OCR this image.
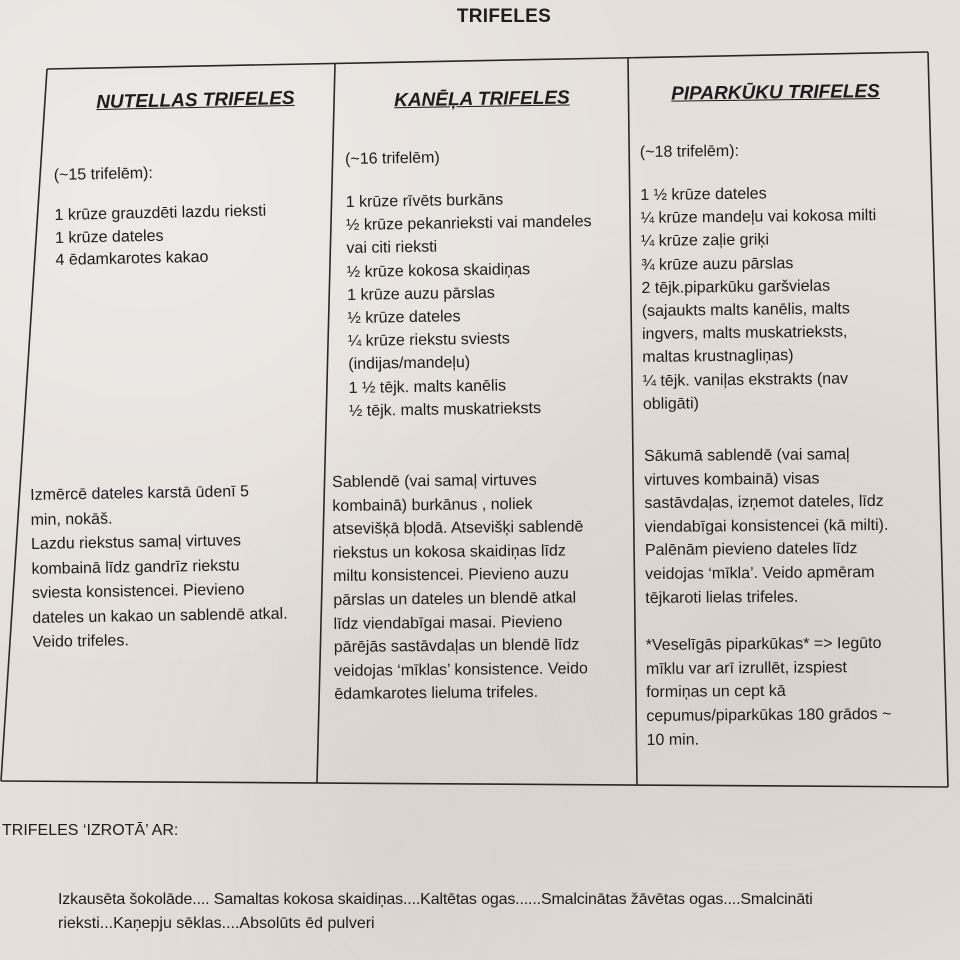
TRIFELES
NUTELLAS TRIFELES
(~15 trifelēm):
1 krūze grauzdēti lazdu rieksti
1 krūze dateles
4 ēdamkarotes kakao
Izmērcē dateles karstā ūdenī 5
min, nokāš.
Lazdu riekstus samaļ virtuves
kombainā līdz gandrīz riekstu
sviesta konsistencei. Pievieno
dateles un kakao un sablendē atkal.
Veido trifeles.
KANĒĻA TRIFELES
(~16 trifelēm)
1 krūze rīvēts burkāns
½ krūze pekanrieksti vai mandeles
vai citi rieksti
½ krūze kokosa skaidiņas
1 krūze auzu pārslas
½ krūze dateles
¼ krūze riekstu sviests
(indijas/mandeļu)
1 ½ tējk. malts kanēlis
½ tējk. malts muskatrieksts
Sablendē (vai samaļ virtuves
kombainā) burkānus , noliek
atsevišķā bļodā. Atsevišķi sablendē
riekstus un kokosa skaidiņas līdz
miltu konsistencei. Pievieno auzu
pārslas un dateles un blendē atkal
līdz viendabīgai masai. Pievieno
pārējās sastāvdaļas un blendē līdz
veidojas ‘mīklas’ konsistence. Veido
ēdamkarotes lieluma trifeles.
PIPARKŪKU TRIFELES
(~18 trifelēm):
1 ½ krūze dateles
¼ krūze mandeļu vai kokosa milti
¼ krūze zaļie griķi
¾ krūze auzu pārslas
2 tējk.piparkūku garšvielas
(sajaukts malts kanēlis, malts
ingvers, malts muskatrieksts,
maltas krustnagliņas)
¼ tējk. vaniļas ekstrakts (nav
obligāti)
Sākumā sablendē (vai samaļ
virtuves kombainā) visas
sastāvdaļas, izņemot dateles, līdz
viendabīgai konsistencei (kā milti).
Palēnām pievieno dateles līdz
veidojas ‘mīkla’. Veido apmēram
tējkaroti lielas trifeles.
*Veselīgās piparkūkas* => Iegūto
mīklu var arī izrullēt, izspiest
formiņas un cept kā
cepumus/piparkūkas 180 grādos ~
10 min.
TRIFELES ‘IZROTĀ’ AR:
Izkausēta šokolāde.... Samaltas kokosa skaidiņas....Kaltētas ogas......Smalcinātas žāvētas ogas....Smalcināti
rieksti...Kaņepju sēklas....Absolūts ēd pulveri
